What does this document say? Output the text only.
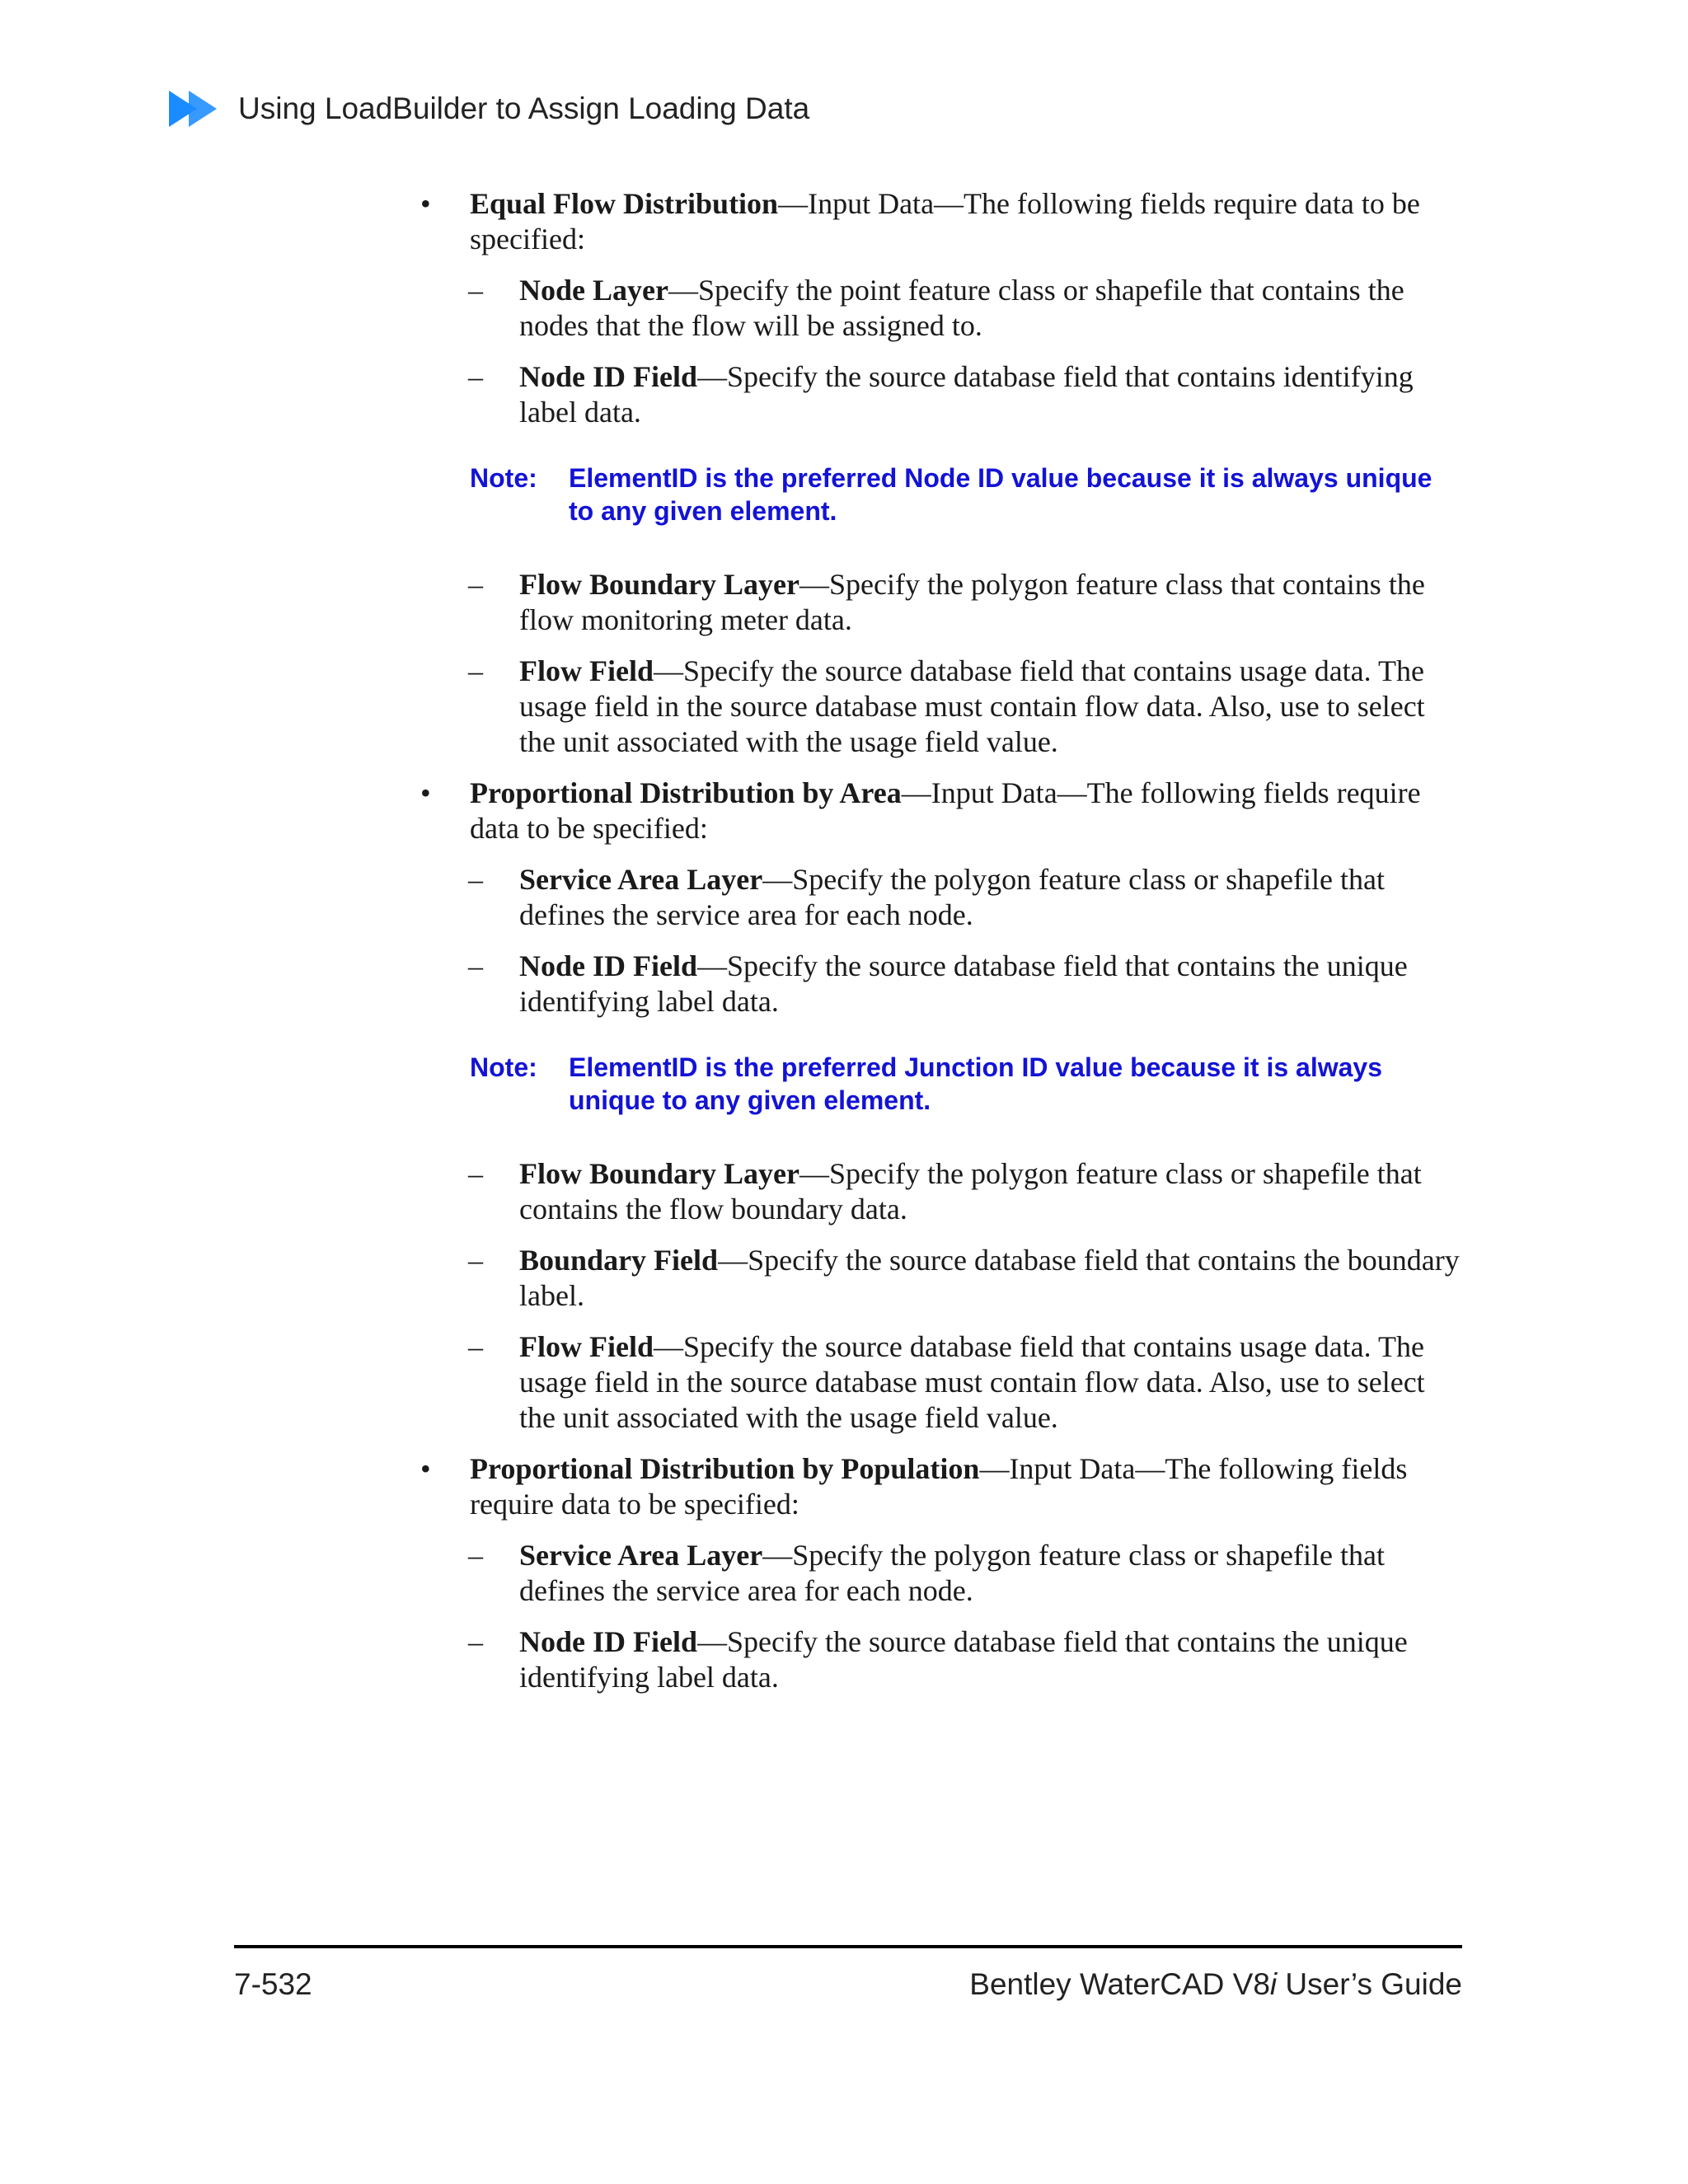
Using LoadBuilder to Assign Loading Data
• Equal Flow Distribution—Input Data—The following fields require data to be specified:
– Node Layer—Specify the point feature class or shapefile that contains the nodes that the flow will be assigned to.
– Node ID Field—Specify the source database field that contains identifying label data.
Note: ElementID is the preferred Node ID value because it is always unique to any given element.
– Flow Boundary Layer—Specify the polygon feature class that contains the flow monitoring meter data.
– Flow Field—Specify the source database field that contains usage data. The usage field in the source database must contain flow data. Also, use to select the unit associated with the usage field value.
• Proportional Distribution by Area—Input Data—The following fields require data to be specified:
– Service Area Layer—Specify the polygon feature class or shapefile that defines the service area for each node.
– Node ID Field—Specify the source database field that contains the unique identifying label data.
Note: ElementID is the preferred Junction ID value because it is always unique to any given element.
– Flow Boundary Layer—Specify the polygon feature class or shapefile that contains the flow boundary data.
– Boundary Field—Specify the source database field that contains the boundary label.
– Flow Field—Specify the source database field that contains usage data. The usage field in the source database must contain flow data. Also, use to select the unit associated with the usage field value.
• Proportional Distribution by Population—Input Data—The following fields require data to be specified:
– Service Area Layer—Specify the polygon feature class or shapefile that defines the service area for each node.
– Node ID Field—Specify the source database field that contains the unique identifying label data.
7-532	Bentley WaterCAD V8i User’s Guide
